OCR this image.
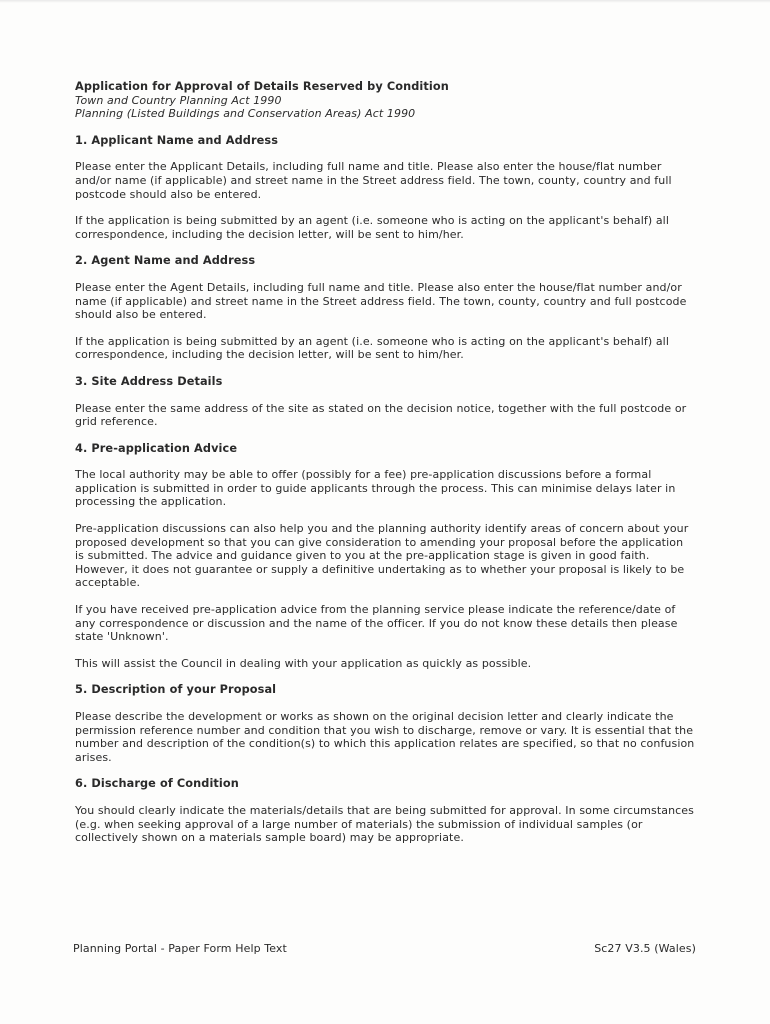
Application for Approval of Details Reserved by Condition

Town and Country Planning Act 1990

Planning (Listed Buildings and Conservation Areas) Act 1990

1. Applicant Name and Address

Please enter the Applicant Details, including full name and title. Please also enter the house/flat number and/or name (if applicable) and street name in the Street address field. The town, county, country and full postcode should also be entered.

If the application is being submitted by an agent (i.e. someone who is acting on the applicant's behalf) all correspondence, including the decision letter, will be sent to him/her.

2. Agent Name and Address

Please enter the Agent Details, including full name and title. Please also enter the house/flat number and/or name (if applicable) and street name in the Street address field. The town, county, country and full postcode should also be entered.

If the application is being submitted by an agent (i.e. someone who is acting on the applicant's behalf) all correspondence, including the decision letter, will be sent to him/her.

3. Site Address Details

Please enter the same address of the site as stated on the decision notice, together with the full postcode or grid reference.

4. Pre-application Advice

The local authority may be able to offer (possibly for a fee) pre-application discussions before a formal application is submitted in order to guide applicants through the process. This can minimise delays later in processing the application.

Pre-application discussions can also help you and the planning authority identify areas of concern about your proposed development so that you can give consideration to amending your proposal before the application is submitted. The advice and guidance given to you at the pre-application stage is given in good faith. However, it does not guarantee or supply a definitive undertaking as to whether your proposal is likely to be acceptable.

If you have received pre-application advice from the planning service please indicate the reference/date of any correspondence or discussion and the name of the officer. If you do not know these details then please state 'Unknown'.

This will assist the Council in dealing with your application as quickly as possible.

5. Description of your Proposal

Please describe the development or works as shown on the original decision letter and clearly indicate the permission reference number and condition that you wish to discharge, remove or vary. It is essential that the number and description of the condition(s) to which this application relates are specified, so that no confusion arises.

6. Discharge of Condition

You should clearly indicate the materials/details that are being submitted for approval. In some circumstances (e.g. when seeking approval of a large number of materials) the submission of individual samples (or collectively shown on a materials sample board) may be appropriate.

Planning Portal - Paper Form Help Text	Sc27 V3.5 (Wales)
